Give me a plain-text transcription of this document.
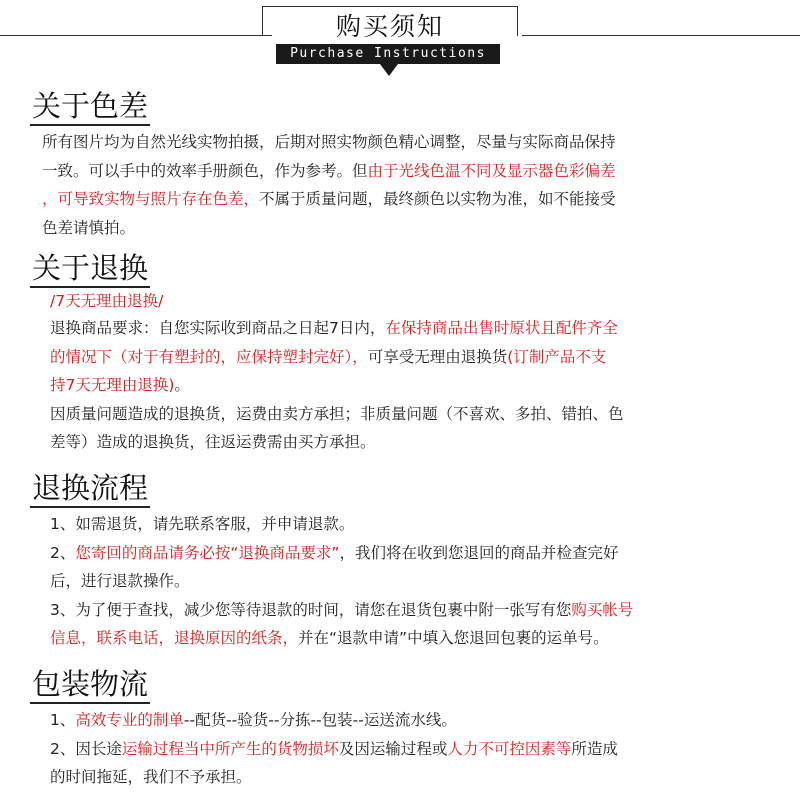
购买须知
Purchase Instructions
关于色差

所有图片均为自然光线实物拍摄，后期对照实物颜色精心调整，尽量与实际商品保持
一致。可以手中的效率手册颜色，作为参考。但由于光线色温不同及显示器色彩偏差
，可导致实物与照片存在色差，不属于质量问题，最终颜色以实物为准，如不能接受
色差请慎拍。

关于退换

/7天无理由退换/

退换商品要求：自您实际收到商品之日起7日内，在保持商品出售时原状且配件齐全
的情况下（对于有塑封的，应保持塑封完好），可享受无理由退换货(订制产品不支
持7天无理由退换)。
因质量问题造成的退换货，运费由卖方承担；非质量问题（不喜欢、多拍、错拍、色
差等）造成的退换货，往返运费需由买方承担。

退换流程

1、如需退货，请先联系客服，并申请退款。
2、您寄回的商品请务必按“退换商品要求”，我们将在收到您退回的商品并检查完好
后，进行退款操作。
3、为了便于查找，减少您等待退款的时间，请您在退货包裹中附一张写有您购买帐号
信息，联系电话，退换原因的纸条，并在“退款申请”中填入您退回包裹的运单号。

包装物流

1、高效专业的制单--配货--验货--分拣--包装--运送流水线。
2、因长途运输过程当中所产生的货物损坏及因运输过程或人力不可控因素等所造成
的时间拖延，我们不予承担。
